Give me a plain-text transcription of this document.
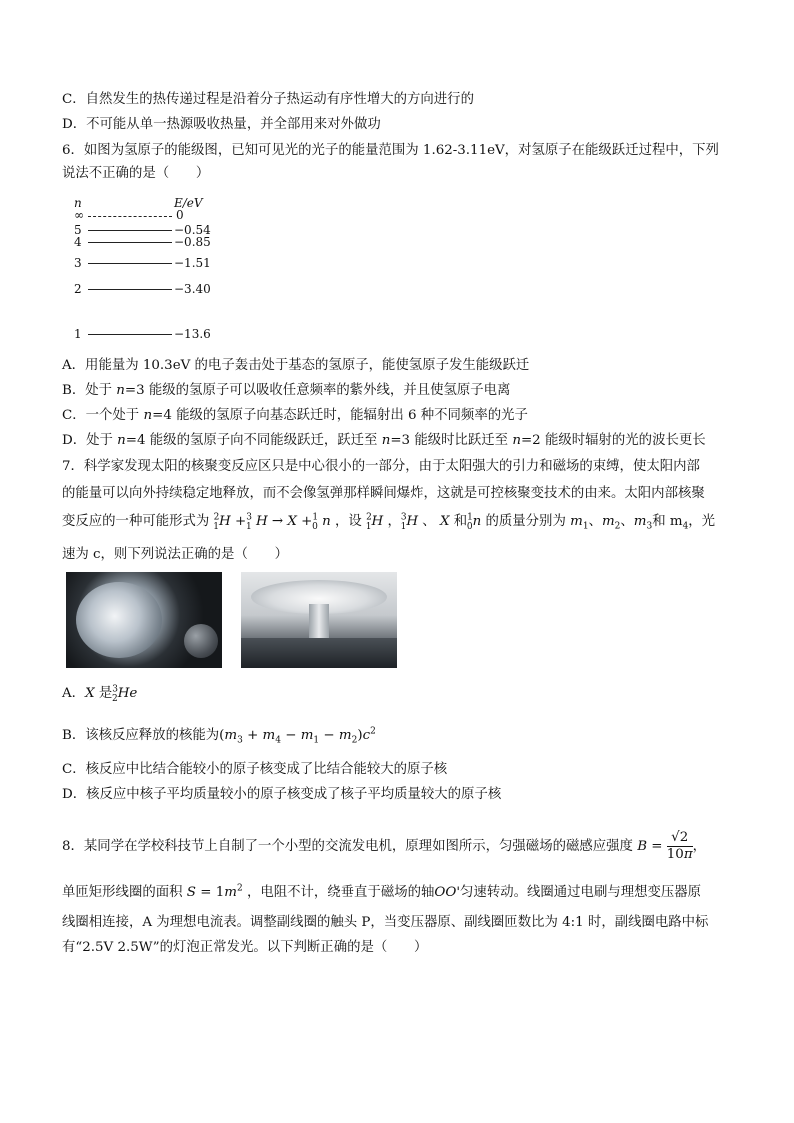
C．自然发生的热传递过程是沿着分子热运动有序性增大的方向进行的
D．不可能从单一热源吸收热量，并全部用来对外做功
6．如图为氢原子的能级图，已知可见光的光子的能量范围为 1.62-3.11eV，对氢原子在能级跃迁过程中，下列
说法不正确的是（　　）
n	E/eV
∞	0
5	−0.54
4	−0.85
3	−1.51
2	−3.40
1	−13.6
A．用能量为 10.3eV 的电子轰击处于基态的氢原子，能使氢原子发生能级跃迁
B．处于 n=3 能级的氢原子可以吸收任意频率的紫外线，并且使氢原子电离
C．一个处于 n=4 能级的氢原子向基态跃迁时，能辐射出 6 种不同频率的光子
D．处于 n=4 能级的氢原子向不同能级跃迁，跃迁至 n=3 能级时比跃迁至 n=2 能级时辐射的光的波长更长
7．科学家发现太阳的核聚变反应区只是中心很小的一部分，由于太阳强大的引力和磁场的束缚，使太阳内部
的能量可以向外持续稳定地释放，而不会像氢弹那样瞬间爆炸，这就是可控核聚变技术的由来。太阳内部核聚
变反应的一种可能形式为 $^2_1$H +$^3_1$ H → X +$^1_0$ n ，设 $^2_1$H ，$^3_1$H 、 X 和$^1_0$n 的质量分别为 $m_1$、$m_2$、$m_3$和 $m_4$，光
速为 c，则下列说法正确的是（　　）
A．X 是$^3_2$He
B．该核反应释放的核能为$(m_3 + m_4 - m_1 - m_2)c^2$
C．核反应中比结合能较小的原子核变成了比结合能较大的原子核
D．核反应中核子平均质量较小的原子核变成了核子平均质量较大的原子核
8．某同学在学校科技节上自制了一个小型的交流发电机，原理如图所示，匀强磁场的磁感应强度 $B = \frac{√2}{10\pi}$ ，
单匝矩形线圈的面积 $S = 1m^2$ ，电阻不计，绕垂直于磁场的轴OO'匀速转动。线圈通过电刷与理想变压器原
线圈相连接，A 为理想电流表。调整副线圈的触头 P，当变压器原、副线圈匝数比为 4:1 时，副线圈电路中标
有“2.5V 2.5W”的灯泡正常发光。以下判断正确的是（　　）
